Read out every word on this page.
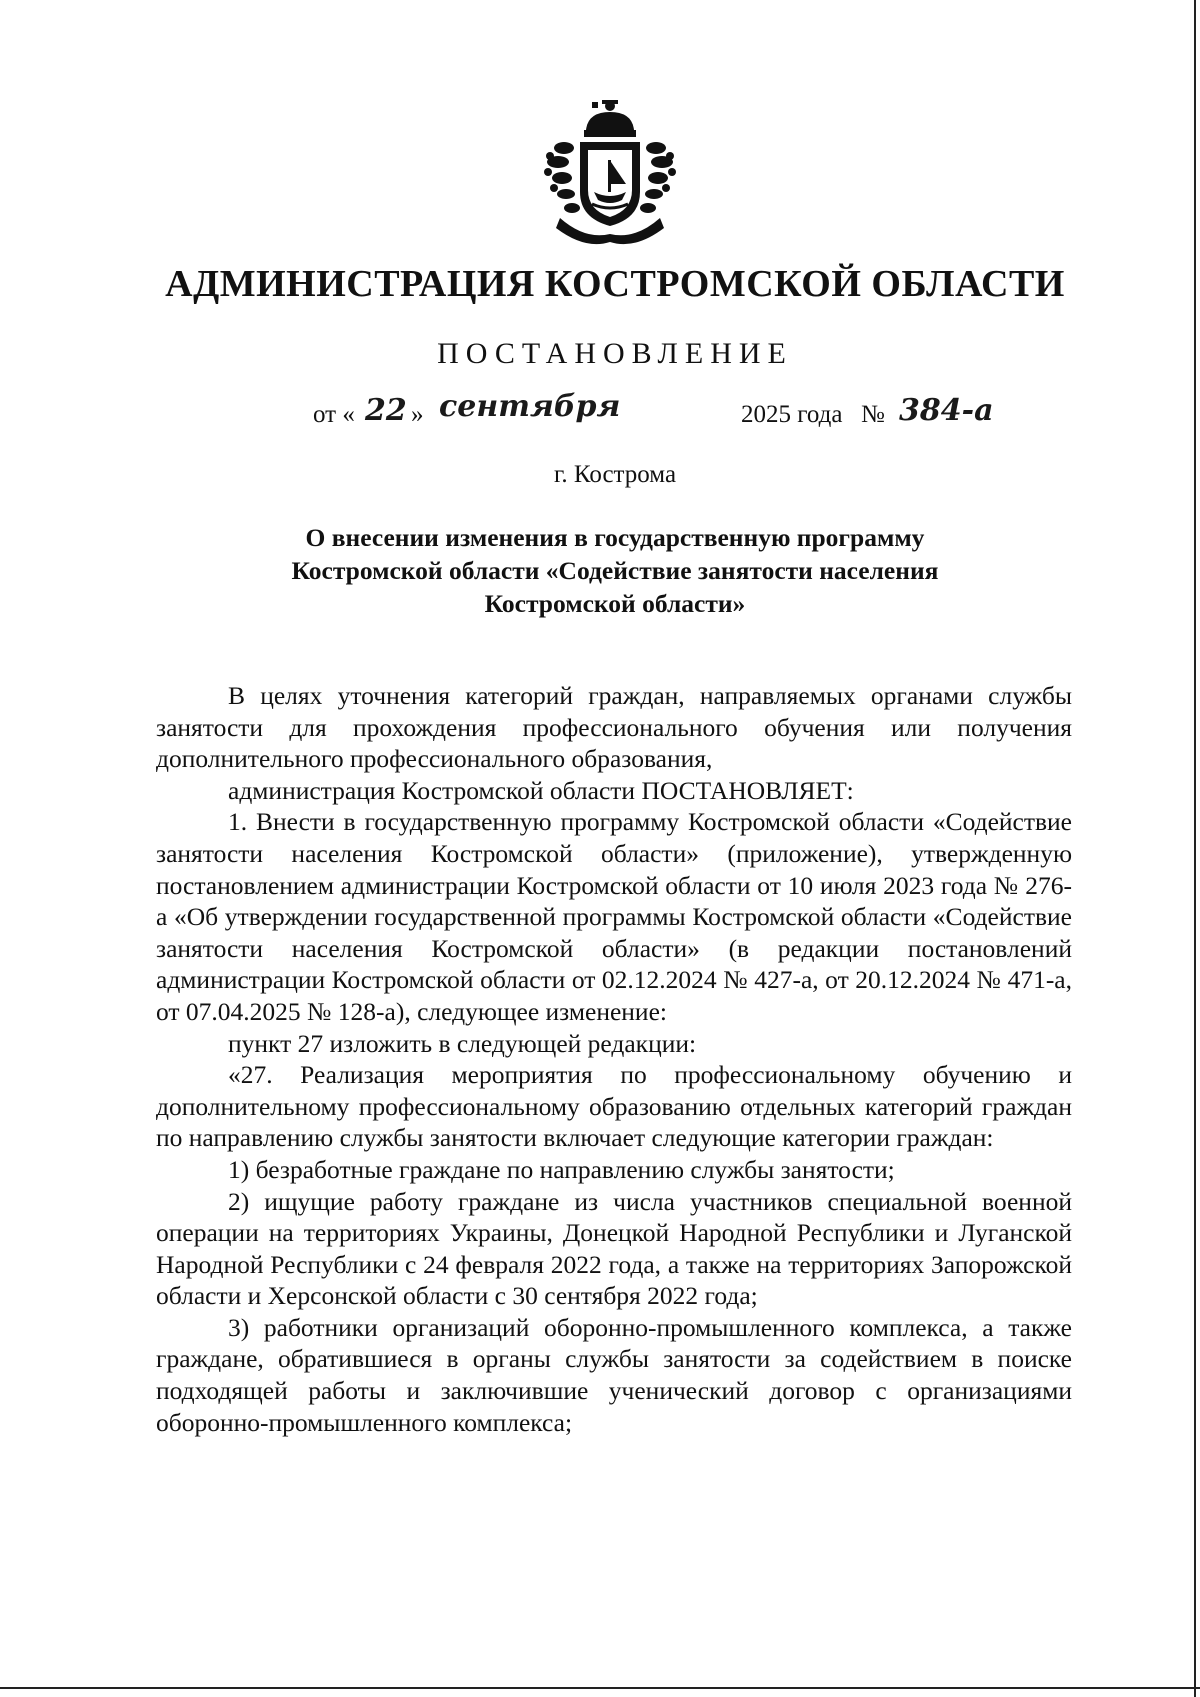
АДМИНИСТРАЦИЯ КОСТРОМСКОЙ ОБЛАСТИ
ПОСТАНОВЛЕНИЕ
от « 22 » сентября	2025 года № 384-а
г. Кострома
О внесении изменения в государственную программу
Костромской области «Содействие занятости населения
Костромской области»

В целях уточнения категорий граждан, направляемых органами службы занятости для прохождения профессионального обучения или получения дополнительного профессионального образования,

администрация Костромской области ПОСТАНОВЛЯЕТ:

1. Внести в государственную программу Костромской области «Содействие занятости населения Костромской области» (приложение), утвержденную постановлением администрации Костромской области от 10 июля 2023 года № 276-а «Об утверждении государственной программы Костромской области «Содействие занятости населения Костромской области» (в редакции постановлений администрации Костромской области от 02.12.2024 № 427-а, от 20.12.2024 № 471-а, от 07.04.2025 № 128-а), следующее изменение:

пункт 27 изложить в следующей редакции:

«27. Реализация мероприятия по профессиональному обучению и дополнительному профессиональному образованию отдельных категорий граждан по направлению службы занятости включает следующие категории граждан:

1) безработные граждане по направлению службы занятости;

2) ищущие работу граждане из числа участников специальной военной операции на территориях Украины, Донецкой Народной Республики и Луганской Народной Республики с 24 февраля 2022 года, а также на территориях Запорожской области и Херсонской области с 30 сентября 2022 года;

3) работники организаций оборонно-промышленного комплекса, а также граждане, обратившиеся в органы службы занятости за содействием в поиске подходящей работы и заключившие ученический договор с организациями оборонно-промышленного комплекса;
